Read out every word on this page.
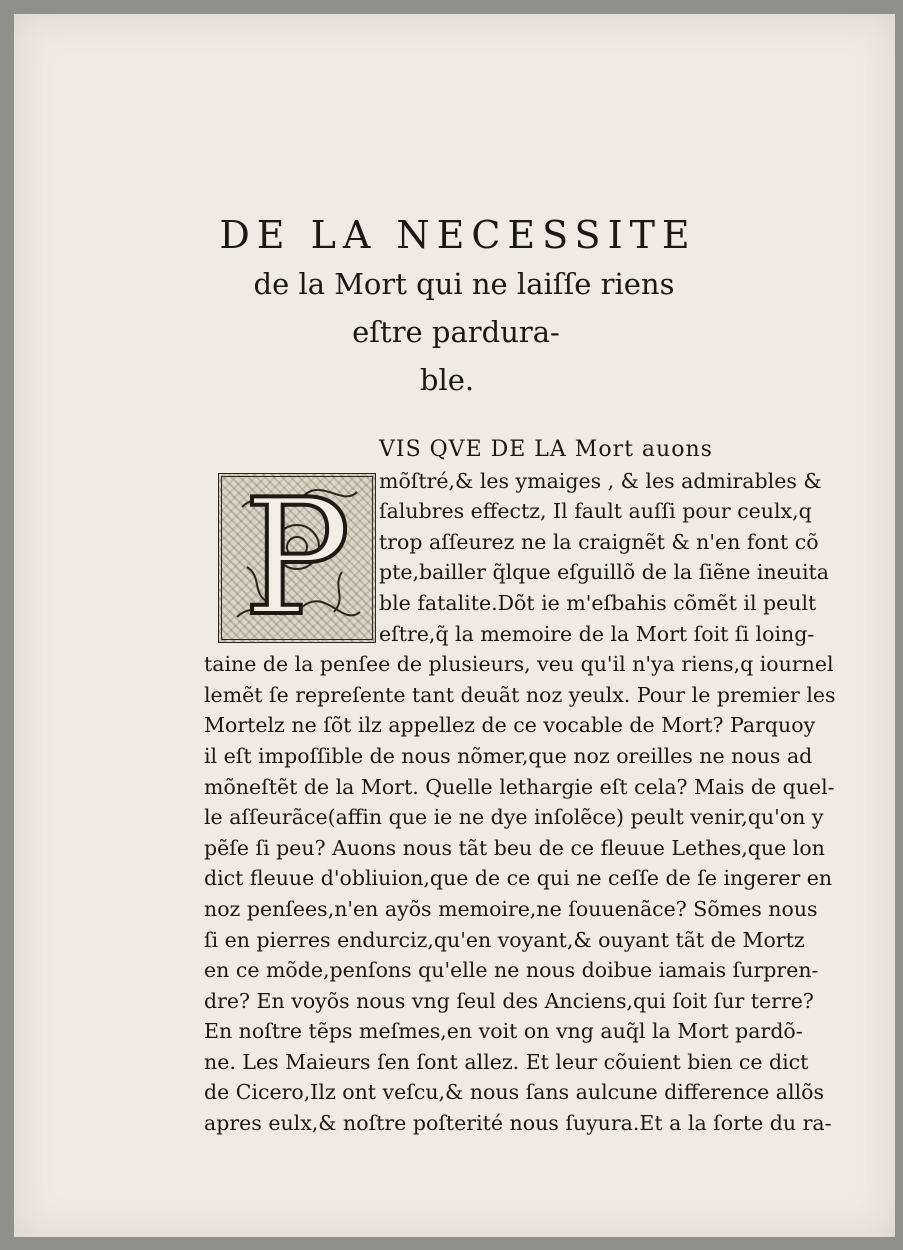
DE LA NECESSITE
de la Mort qui ne laiſſe riens
eſtre pardura-
ble.
P
VIS QVE DE LA Mort auons
mõſtré,& les ymaiges , & les admirables &
ſalubres effectz, Il fault auſſi pour ceulx,q
trop aſſeurez ne la craignẽt & n'en font cõ
pte,bailler q̃lque eſguillõ de la ſiẽne ineuita
ble fatalite.Dõt ie m'eſbahis cõmẽt il peult
eſtre,q̃ la memoire de la Mort ſoit ſi loing-
taine de la penſee de plusieurs, veu qu'il n'ya riens,q iournel
lemẽt ſe repreſente tant deuãt noz yeulx. Pour le premier les
Mortelz ne ſõt ilz appellez de ce vocable de Mort? Parquoy
il eſt impoſſible de nous nõmer,que noz oreilles ne nous ad
mõneſtẽt de la Mort. Quelle lethargie eſt cela? Mais de quel-
le aſſeurãce(affin que ie ne dye inſolẽce) peult venir,qu'on y
pẽſe ſi peu? Auons nous tãt beu de ce fleuue Lethes,que lon
dict fleuue d'obliuion,que de ce qui ne ceſſe de ſe ingerer en
noz penſees,n'en ayõs memoire,ne ſouuenãce? Sõmes nous
ſi en pierres endurciz,qu'en voyant,& ouyant tãt de Mortz
en ce mõde,penſons qu'elle ne nous doibue iamais ſurpren-
dre? En voyõs nous vng ſeul des Anciens,qui ſoit ſur terre?
En noſtre tẽps meſmes,en voit on vng auq̃l la Mort pardõ-
ne. Les Maieurs ſen ſont allez. Et leur cõuient bien ce dict
de Cicero,Ilz ont veſcu,& nous ſans aulcune difference allõs
apres eulx,& noſtre poſterité nous ſuyura.Et a la ſorte du ra-
